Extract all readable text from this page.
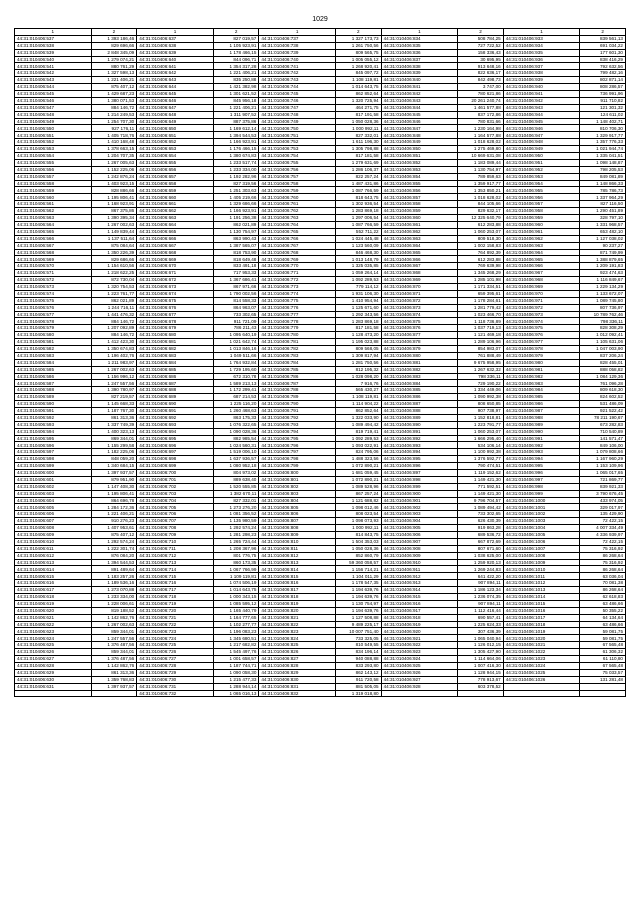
1029
1	2	1	2	1	2	1	2	1	2
44:31:010406:537	1 393 186,46	44:31:010406:637	827 019,57	44:31:010406:737	1 327 173,73	44:31:010406:834	508 784,25	44:31:010406:933	839 561,13
44:31:010406:538	829 696,66	44:31:010406:638	1 105 923,91	44:31:010406:738	1 261 750,56	44:31:010406:835	727 722,52	44:31:010406:934	691 034,22
44:31:010406:539	2 848 345,09	44:31:010406:639	1 178 466,15	44:31:010406:739	809 565,75	44:31:010406:836	158 336,43	44:31:010406:935	177 601,30
44:31:010406:540	1 279 074,21	44:31:010406:640	844 096,71	44:31:010406:740	1 005 055,12	44:31:010406:837	30 695,95	44:31:010406:936	838 416,29
44:31:010406:541	880 761,29	44:31:010406:641	1 354 317,28	44:31:010406:741	1 268 920,41	44:31:010406:838	913 648,16	44:31:010406:937	792 632,56
44:31:010406:542	1 327 598,13	44:31:010406:642	1 221 406,21	44:31:010406:742	845 097,72	44:31:010406:839	822 636,17	44:31:010406:938	799 482,16
44:31:010406:543	1 221 406,21	44:31:010406:643	835 250,88	44:31:010406:743	1 108 119,81	44:31:010406:840	842 498,73	44:31:010406:939	802 871,14
44:31:010406:544	875 407,12	44:31:010406:644	1 421 382,98	44:31:010406:744	1 014 643,75	44:31:010406:841	3 747,00	44:31:010406:940	808 286,57
44:31:010406:545	1 429 687,23	44:31:010406:645	1 301 621,52	44:31:010406:745	862 852,64	44:31:010406:842	780 621,86	44:31:010406:941	736 991,96
44:31:010406:546	1 380 071,53	44:31:010406:646	845 956,18	44:31:010406:746	1 320 725,94	44:31:010406:843	20 261 240,74	44:31:010406:942	911 710,82
44:31:010406:547	884 146,72	44:31:010406:647	1 221 406,21	44:31:010406:747	464 271,75	44:31:010406:844	1 461 577,88	44:31:010406:943	121 301,32
44:31:010406:548	1 214 249,53	44:31:010406:648	1 311 907,52	44:31:010406:748	817 191,58	44:31:010406:845	837 172,86	44:31:010406:944	124 611,02
44:31:010406:549	1 254 707,30	44:31:010406:649	887 375,86	44:31:010406:749	1 050 028,36	44:31:010406:846	780 831,66	44:31:010406:945	1 148 402,71
44:31:010406:550	927 176,11	44:31:010406:650	1 169 612,14	44:31:010406:750	1 000 992,11	44:31:010406:847	1 230 164,98	44:31:010406:946	810 706,30
44:31:010406:551	1 405 718,76	44:31:010406:651	1 394 544,53	44:31:010406:751	827 332,01	44:31:010406:848	1 164 577,88	44:31:010406:947	1 329 917,77
44:31:010406:552	1 410 168,48	44:31:010406:652	1 166 923,91	44:31:010406:752	1 611 196,30	44:31:010406:849	1 018 628,02	44:31:010406:948	1 357 776,33
44:31:010406:553	1 378 663,15	44:31:010406:653	1 176 466,15	44:31:010406:753	1 305 798,88	44:31:010406:850	1 275 469,80	44:31:010406:949	1 021 944,74
44:31:010406:554	1 204 707,35	44:31:010406:654	1 380 674,83	44:31:010406:754	817 181,58	44:31:010406:851	10 669 631,08	44:31:010406:950	1 335 041,51
44:31:010406:555	1 267 005,63	44:31:010406:655	1 233 517,74	44:31:010406:755	1 279 631,69	44:31:010406:852	1 183 089,44	44:31:010406:951	1 098 148,87
44:31:010406:556	1 152 225,06	44:31:010406:656	1 233 334,00	44:31:010406:756	1 286 106,37	44:31:010406:853	1 130 754,97	44:31:010406:952	798 205,53
44:31:010406:557	1 242 876,24	44:31:010406:657	1 192 282,96	44:31:010406:757	822 257,24	44:31:010406:854	789 859,63	44:31:010406:953	849 081,89
44:31:010406:558	1 403 923,15	44:31:010406:658	827 319,56	44:31:010406:758	1 487 431,86	44:31:010406:855	1 359 917,77	44:31:010406:954	1 148 866,33
44:31:010406:559	828 886,66	44:31:010406:659	1 251 303,63	44:31:010406:759	1 087 766,59	44:31:010406:856	1 353 850,21	44:31:010406:955	785 786,73
44:31:010406:560	1 195 806,41	44:31:010406:660	1 405 219,66	44:31:010406:760	818 643,75	44:31:010406:857	1 018 628,02	44:31:010406:956	1 337 964,29
44:31:010406:561	1 168 923,91	44:31:010406:661	1 329 686,66	44:31:010406:761	1 302 936,54	44:31:010406:858	844 105,66	44:31:010406:957	827 116,50
44:31:010406:562	867 375,86	44:31:010406:662	1 166 923,91	44:31:010406:762	1 283 869,18	44:31:010406:859	829 632,17	44:31:010406:958	1 290 451,89
44:31:010406:563	1 390 395,34	44:31:010406:663	1 191 256,38	44:31:010406:763	1 297 006,54	44:31:010406:860	12 325 640,79	44:31:010406:959	328 797,10
44:31:010406:564	1 267 002,63	44:31:010406:664	862 021,89	44:31:010406:764	1 087 766,59	44:31:010406:861	612 283,88	44:31:010406:960	1 331 968,57
44:31:010406:565	1 149 839,44	44:31:010406:665	1 130 754,97	44:31:010406:765	552 711,22	44:31:010406:862	1 060 253,07	44:31:010406:961	653 482,10
44:31:010406:566	1 137 511,64	44:31:010406:666	863 990,43	44:31:010406:766	1 024 445,48	44:31:010406:863	809 518,30	44:31:010406:962	1 127 038,02
44:31:010406:567	875 084,64	44:31:010406:667	1 387 565,07	44:31:010406:767	1 123 560,09	44:31:010406:864	1 002 158,83	44:31:010406:963	90 237,27
44:31:010406:568	1 350 226,39	44:31:010406:668	818 753,90	44:31:010406:768	846 468,30	44:31:010406:865	764 892,39	44:31:010406:964	871 749,99
44:31:010406:569	829 686,66	44:31:010406:669	818 649,48	44:31:010406:769	1 013 148,79	44:31:010406:866	612 283,88	44:31:010406:965	1 388 879,65
44:31:010406:570	1 154 610,56	44:31:010406:670	833 491,18	44:31:010406:770	1 325 035,85	44:31:010406:867	769 639,98	44:31:010406:966	1 209 191,83
44:31:010406:571	1 218 622,25	44:31:010406:671	717 953,33	44:31:010406:771	1 059 264,14	44:31:010406:868	1 345 268,29	44:31:010406:967	923 474,63
44:31:010406:572	872 730,04	44:31:010406:672	1 367 686,41	44:31:010406:772	1 092 289,53	44:31:010406:869	1 285 101,98	44:31:010406:968	1 116 849,67
44:31:010406:573	1 320 754,53	44:31:010406:673	867 971,66	44:31:010406:773	779 114,12	44:31:010406:870	1 171 334,51	44:31:010406:969	1 229 134,29
44:31:010406:574	1 223 761,77	44:31:010406:674	1 790 002,56	44:31:010406:774	1 931 106,30	44:31:010406:871	659 395,61	44:31:010406:970	1 133 672,07
44:31:010406:575	862 021,89	44:31:010406:675	814 558,33	44:31:010406:775	1 410 954,94	44:31:010406:872	1 178 284,61	44:31:010406:971	1 089 745,80
44:31:010406:576	1 244 716,11	44:31:010406:676	864 963,07	44:31:010406:776	1 125 671,60	44:31:010406:873	1 281 779,42	44:31:010406:972	807 736,97
44:31:010406:577	1 441 476,32	44:31:010406:677	733 302,65	44:31:010406:777	1 292 343,56	44:31:010406:874	1 023 466,70	44:31:010406:973	10 789 762,46
44:31:010406:578	884 146,72	44:31:010406:678	911 721,09	44:31:010406:778	1 283 869,18	44:31:010406:875	1 118 736,89	44:31:010406:974	798 336,11
44:31:010406:579	1 207 092,89	44:31:010406:679	786 211,43	44:31:010406:779	817 181,58	44:31:010406:876	1 037 719,13	44:31:010406:975	828 308,29
44:31:010406:580	884 146,72	44:31:010406:680	1 095 640,19	44:31:010406:780	1 128 473,20	44:31:010406:877	1 121 469,18	44:31:010406:976	1 012 092,41
44:31:010406:581	1 412 423,30	44:31:010406:681	1 021 642,74	44:31:010406:781	1 195 023,88	44:31:010406:878	1 289 106,96	44:31:010406:977	1 105 631,06
44:31:010406:582	1 350 674,83	44:31:010406:682	1 013 846,16	44:31:010406:782	809 568,05	44:31:010406:879	854 983,07	44:31:010406:978	1 047 003,90
44:31:010406:583	1 196 402,76	44:31:010406:683	1 049 511,66	44:31:010406:783	1 309 817,94	44:31:010406:880	761 888,49	44:31:010406:979	837 206,24
44:31:010406:584	1 211 983,97	44:31:010406:684	1 764 932,84	44:31:010406:784	1 281 750,56	44:31:010406:881	9 675 958,95	44:31:010406:980	828 455,01
44:31:010406:585	1 267 002,63	44:31:010406:685	1 729 195,60	44:31:010406:785	812 195,32	44:31:010406:882	1 267 632,32	44:31:010406:981	888 058,82
44:31:010406:586	1 156 996,12	44:31:010406:686	672 310,78	44:31:010406:786	1 028 098,20	44:31:010406:883	798 336,11	44:31:010406:982	1 084 129,36
44:31:010406:587	1 247 557,56	44:31:010406:687	1 589 213,13	44:31:010406:787	7 916,76	44:31:010406:884	729 190,22	44:31:010406:983	761 096,28
44:31:010406:588	1 390 780,97	44:31:010406:688	1 172 299,41	44:31:010406:788	565 430,27	44:31:010406:885	1 334 449,06	44:31:010406:984	809 618,30
44:31:010406:589	827 219,57	44:31:010406:689	687 214,53	44:31:010406:789	1 108 119,81	44:31:010406:886	1 090 992,38	44:31:010406:985	824 602,52
44:31:010406:590	1 145 668,33	44:31:010406:690	1 225 116,20	44:31:010406:790	1 114 904,22	44:31:010406:887	808 650,85	44:31:010406:986	531 486,09
44:31:010406:591	1 187 767,30	44:31:010406:691	1 260 468,63	44:31:010406:791	862 852,64	44:31:010406:888	907 738,97	44:31:010406:987	921 522,42
44:31:010406:592	861 313,36	44:31:010406:692	863 175,33	44:31:010406:792	1 322 033,90	44:31:010406:889	1 152 818,81	44:31:010406:988	78 211 190,67
44:31:010406:593	1 337 749,39	44:31:010406:693	1 076 322,65	44:31:010406:793	1 089 494,42	44:31:010406:890	1 223 791,77	44:31:010406:989	673 282,83
44:31:010406:594	1 400 323,13	44:31:010406:694	1 090 028,36	44:31:010406:794	819 719,41	44:31:010406:891	1 060 253,07	44:31:010406:990	710 540,89
44:31:010406:595	869 344,01	44:31:010406:695	882 985,54	44:31:010406:795	1 092 289,53	44:31:010406:892	1 666 295,40	44:31:010406:991	141 571,47
44:31:010406:596	1 155 299,58	44:31:010406:696	1 024 560,31	44:31:010406:796	1 093 022,91	44:31:010406:893	534 106,14	44:31:010406:992	849 106,00
44:31:010406:597	1 182 225,06	44:31:010406:697	1 519 006,10	44:31:010406:797	824 795,06	44:31:010406:894	1 100 992,38	44:31:010406:993	1 079 808,66
44:31:010406:598	848 059,20	44:31:010406:698	1 637 936,57	44:31:010406:798	1 488 323,56	44:31:010406:895	1 376 592,77	44:31:010406:994	1 167 960,29
44:31:010406:599	1 340 684,15	44:31:010406:699	1 080 952,18	44:31:010406:799	1 072 890,21	44:31:010406:896	790 474,51	44:31:010406:995	1 153 109,96
44:31:010406:600	1 397 937,57	44:31:010406:700	804 973,02	44:31:010406:800	1 681 059,45	44:31:010406:897	1 119 152,62	44:31:010406:996	1 065 017,65
44:31:010406:601	879 951,90	44:31:010406:701	889 638,40	44:31:010406:801	1 072 890,21	44:31:010406:898	1 149 421,30	44:31:010406:997	721 869,77
44:31:010406:602	1 147 408,30	44:31:010406:702	1 520 555,85	44:31:010406:802	1 089 528,96	44:31:010406:899	771 592,51	44:31:010406:998	839 921,33
44:31:010406:603	1 195 806,41	44:31:010406:703	1 382 670,11	44:31:010406:803	867 257,24	44:31:010406:900	1 149 421,30	44:31:010406:999	3 790 676,45
44:31:010406:604	864 696,78	44:31:010406:704	827 332,01	44:31:010406:804	1 121 688,82	44:31:010406:901	9 796 704,57	44:31:010406:1000	433 974,05
44:31:010406:605	1 284 172,36	44:31:010406:705	1 273 276,20	44:31:010406:805	1 098 012,46	44:31:010406:902	1 089 494,42	44:31:010406:1001	329 017,97
44:31:010406:606	1 221 406,21	44:31:010406:706	1 081 356,52	44:31:010406:806	808 023,54	44:31:010406:903	733 302,65	44:31:010406:1002	135 429,90
44:31:010406:607	910 276,23	44:31:010406:707	1 135 980,59	44:31:010406:807	1 098 073,93	44:31:010406:904	626 430,39	44:31:010406:1003	72 422,15
44:31:010406:608	1 407 953,61	44:31:010406:708	1 292 574,24	44:31:010406:808	1 000 992,11	44:31:010406:905	919 863,28	44:31:010406:1004	4 007 334,49
44:31:010406:609	875 407,12	44:31:010406:709	1 281 298,23	44:31:010406:809	814 843,75	44:31:010406:906	689 536,72	44:31:010406:1005	4 336 939,97
44:31:010406:610	1 292 574,24	44:31:010406:710	1 265 724,44	44:31:010406:810	1 504 353,03	44:31:010406:907	667 872,69	44:31:010406:1006	72 422,15
44:31:010406:611	1 222 301,74	44:31:010406:711	1 208 367,96	44:31:010406:811	1 050 028,36	44:31:010406:908	807 671,60	44:31:010406:1007	75 316,92
44:31:010406:612	876 084,20	44:31:010406:712	801 776,75	44:31:010406:812	852 860,79	44:31:010406:909	1 038 625,00	44:31:010406:1008	86 268,64
44:31:010406:613	1 394 544,53	44:31:010406:713	860 173,35	44:31:010406:813	59 360 058,57	44:31:010406:910	1 259 920,13	44:31:010406:1009	75 316,92
44:31:010406:614	891 489,64	44:31:010406:714	1 067 766,99	44:31:010406:814	1 156 714,21	44:31:010406:911	1 269 244,83	44:31:010406:1010	86 268,64
44:31:010406:615	1 183 257,26	44:31:010406:715	1 109 119,81	44:31:010406:815	1 104 011,29	44:31:010406:912	641 422,20	44:31:010406:1011	63 036,04
44:31:010406:616	1 189 536,16	44:31:010406:716	1 074 506,19	44:31:010406:816	1 178 547,35	44:31:010406:913	907 894,11	44:31:010406:1012	70 081,38
44:31:010406:617	1 273 070,88	44:31:010406:717	1 014 643,75	44:31:010406:817	1 194 639,76	44:31:010406:914	1 186 123,34	44:31:010406:1013	86 268,64
44:31:010406:618	1 233 334,00	44:31:010406:718	1 000 343,15	44:31:010406:818	1 194 639,76	44:31:010406:915	1 236 074,35	44:31:010406:1014	62 618,83
44:31:010406:619	1 228 006,61	44:31:010406:719	1 085 595,12	44:31:010406:819	1 130 754,97	44:31:010406:916	907 894,11	44:31:010406:1015	63 486,66
44:31:010406:620	819 188,52	44:31:010406:720	1 165 440,79	44:31:010406:820	1 194 639,76	44:31:010406:917	1 112 416,44	44:31:010406:1016	50 355,22
44:31:010406:621	1 142 862,76	44:31:010406:721	1 164 777,65	44:31:010406:821	1 127 508,88	44:31:010406:918	690 557,41	44:31:010406:1017	64 134,64
44:31:010406:622	1 267 002,63	44:31:010406:722	1 102 277,77	44:31:010406:822	9 489 225,17	44:31:010406:919	1 225 624,33	44:31:010406:1018	63 486,66
44:31:010406:623	859 344,01	44:31:010406:723	1 196 083,23	44:31:010406:823	10 007 751,40	44:31:010406:920	307 436,39	44:31:010406:1019	59 081,75
44:31:010406:624	1 247 557,56	44:31:010406:724	1 345 680,51	44:31:010406:824	733 325,05	44:31:010406:921	1 065 040,94	44:31:010406:1020	59 081,75
44:31:010406:625	1 376 487,56	44:31:010406:725	1 217 682,82	44:31:010406:825	810 549,55	44:31:010406:922	1 126 012,15	44:31:010406:1021	67 565,48
44:31:010406:626	859 344,01	44:31:010406:726	1 545 497,76	44:31:010406:826	834 196,14	44:31:010406:923	1 305 427,90	44:31:010406:1022	61 306,32
44:31:010406:627	1 376 487,56	44:31:010406:727	1 001 658,57	44:31:010406:827	940 088,88	44:31:010406:924	1 114 664,06	44:31:010406:1023	61 110,80
44:31:010406:628	1 142 862,76	44:31:010406:728	1 187 744,71	44:31:010406:828	833 293,80	44:31:010406:925	1 007 416,30	44:31:010406:1024	67 565,48
44:31:010406:629	861 313,36	44:31:010406:729	1 090 058,30	44:31:010406:829	862 143,12	44:31:010406:926	1 128 944,15	44:31:010406:1025	75 033,57
44:31:010406:630	1 359 768,83	44:31:010406:730	1 215 477,33	44:31:010406:830	911 720,58	44:31:010406:927	778 913,67	44:31:010406:1026	131 281,48
44:31:010406:631	1 397 937,57	44:31:010406:731	1 288 944,14	44:31:010406:831	881 505,05	44:31:010406:928	603 378,52		
		44:31:010406:732	1 065 016,13	44:31:010406:832	1 319 018,80				
